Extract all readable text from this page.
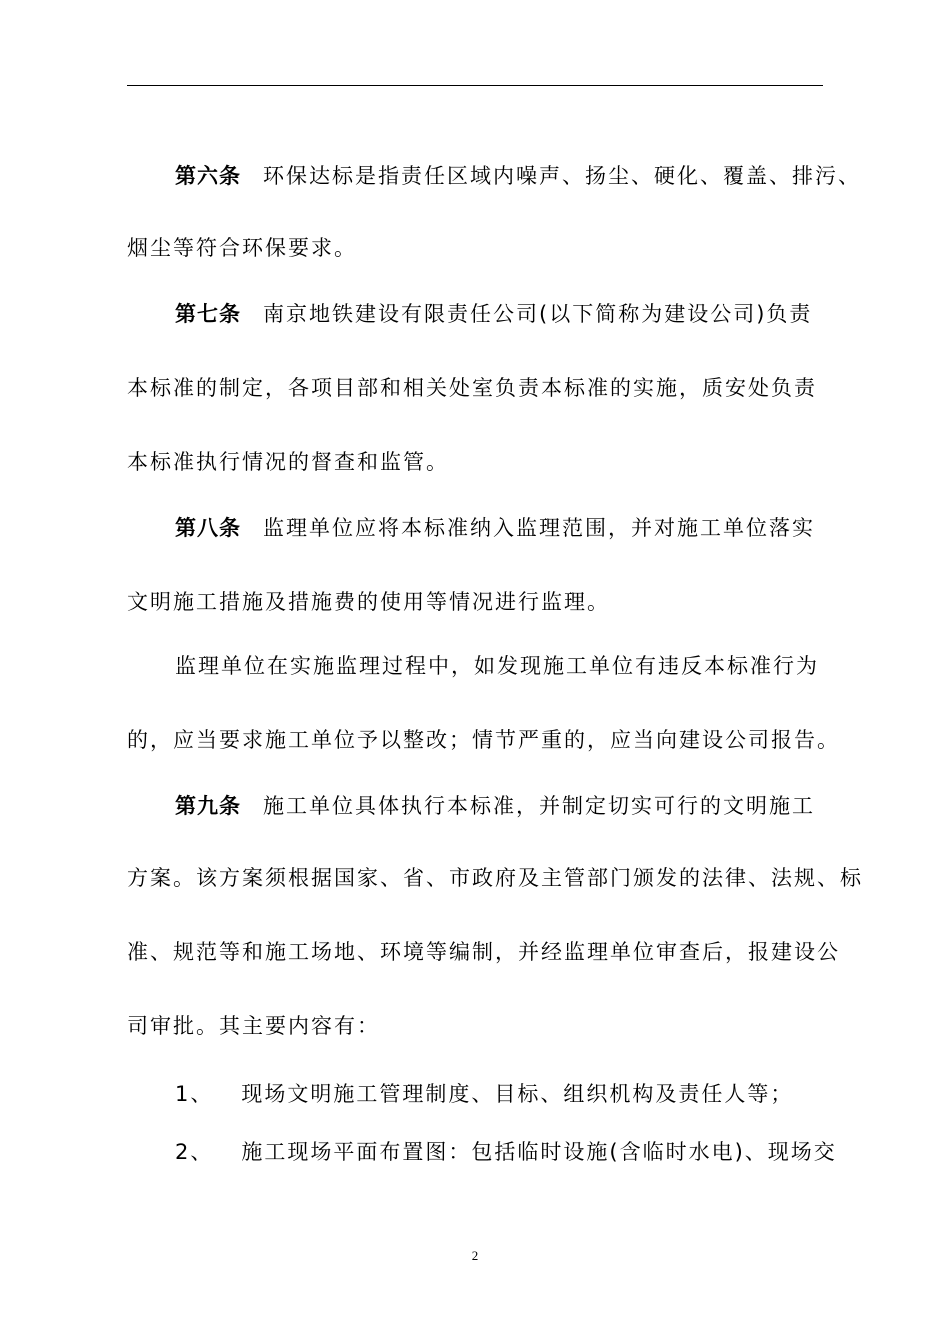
第六条 环保达标是指责任区域内噪声、扬尘、硬化、覆盖、排污、
烟尘等符合环保要求。
第七条 南京地铁建设有限责任公司(以下简称为建设公司)负责
本标准的制定，各项目部和相关处室负责本标准的实施，质安处负责
本标准执行情况的督查和监管。
第八条 监理单位应将本标准纳入监理范围，并对施工单位落实
文明施工措施及措施费的使用等情况进行监理。
监理单位在实施监理过程中，如发现施工单位有违反本标准行为
的，应当要求施工单位予以整改；情节严重的，应当向建设公司报告。
第九条 施工单位具体执行本标准，并制定切实可行的文明施工
方案。该方案须根据国家、省、市政府及主管部门颁发的法律、法规、标
准、规范等和施工场地、环境等编制，并经监理单位审查后，报建设公
司审批。其主要内容有：
1、 现场文明施工管理制度、目标、组织机构及责任人等；
2、 施工现场平面布置图：包括临时设施(含临时水电)、现场交
2
